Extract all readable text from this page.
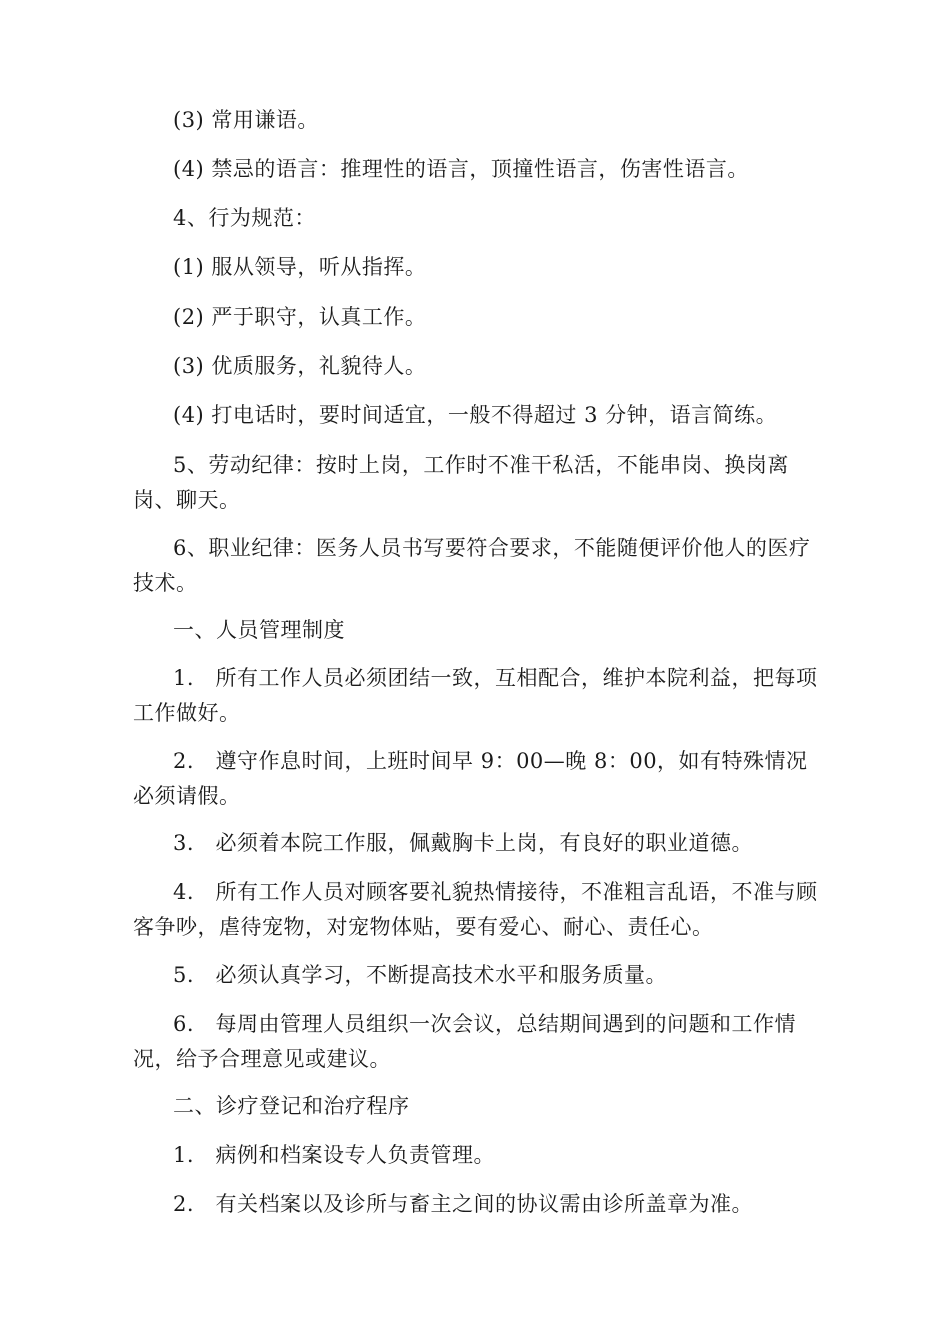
(3) 常用谦语。

(4) 禁忌的语言：推理性的语言，顶撞性语言，伤害性语言。

4、行为规范：

(1) 服从领导，听从指挥。

(2) 严于职守，认真工作。

(3) 优质服务，礼貌待人。

(4) 打电话时，要时间适宜，一般不得超过 3 分钟，语言简练。

5、劳动纪律：按时上岗，工作时不准干私活，不能串岗、换岗离岗、聊天。

6、职业纪律：医务人员书写要符合要求，不能随便评价他人的医疗技术。

一、人员管理制度

1.　所有工作人员必须团结一致，互相配合，维护本院利益，把每项工作做好。

2.　遵守作息时间，上班时间早 9：00—晚 8：00，如有特殊情况必须请假。

3.　必须着本院工作服，佩戴胸卡上岗，有良好的职业道德。

4.　所有工作人员对顾客要礼貌热情接待，不准粗言乱语，不准与顾客争吵，虐待宠物，对宠物体贴，要有爱心、耐心、责任心。

5.　必须认真学习，不断提高技术水平和服务质量。

6.　每周由管理人员组织一次会议，总结期间遇到的问题和工作情况，给予合理意见或建议。

二、诊疗登记和治疗程序

1.　病例和档案设专人负责管理。

2.　有关档案以及诊所与畜主之间的协议需由诊所盖章为准。
